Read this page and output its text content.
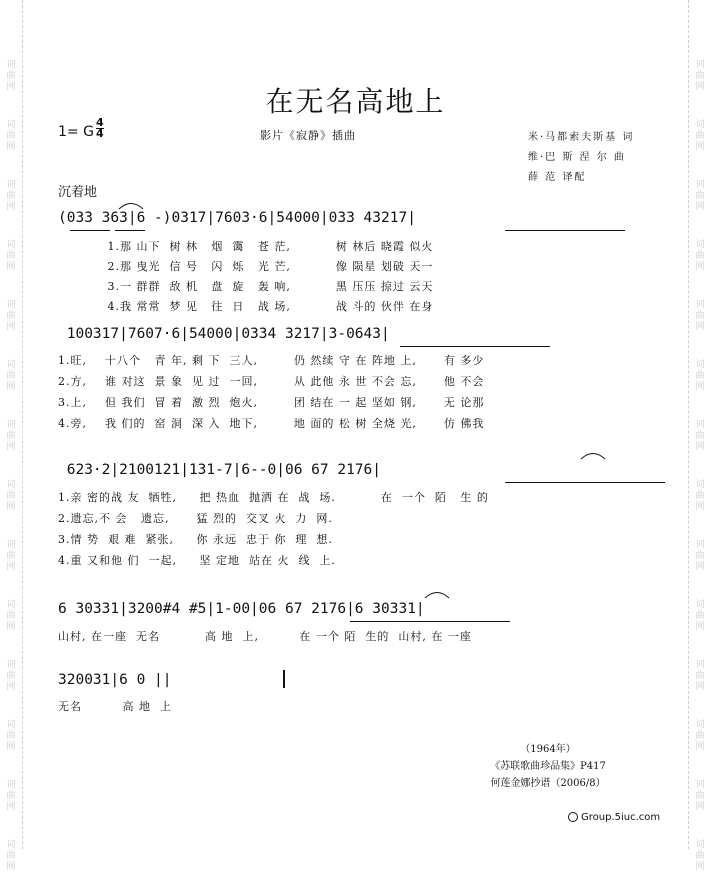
词
曲
网
词
曲
网
词
曲
网
词
曲
网
词
曲
网
词
曲
网
词
曲
网
词
曲
网
词
曲
网
词
曲
网
词
曲
网
词
曲
网
词
曲
网
词
曲
网
词
曲
网
词
曲
网
词
曲
网
词
曲
网
词
曲
网
词
曲
网
词
曲
网
词
曲
网
词
曲
网
词
曲
网
词
曲
网
词
曲
网
词
曲
网
词
曲
网
在无名高地上
1= G $\frac{4}{4}$	影片《寂静》插曲	米·马都索夫斯基 词
维·巴 斯 涅 尔 曲
薛 范 译配
沉着地
(033 363|6 -)0317|7603·6|54000|033 43217|
1.那 山下  树 林   烟  霭   苍 茫,          树 林后 晓霞 似火
2.那 曳光  信 号   闪  烁   光 芒,          像 陨星 划破 天一
3.一 群群  敌 机   盘  旋   轰 响,          黑 压压 掠过 云天
4.我 常常  梦 见   往  日   战 场,          战 斗的 伙伴 在身
100317|7607·6|54000|0334 3217|3-0643|
1.旺,    十八个   青 年, 剩 下  三人,        仍 然续 守 在 阵地 上,      有 多少
2.方,    谁 对这  景 象  见 过  一回,        从 此他 永 世 不会 忘,      他 不会
3.上,    但 我们  冒 着  激 烈  炮火,        团 结在 一 起 坚如 钢,      无 论那
4.旁,    我 们的  窑 洞  深 入  地下,        地 面的 松 树 全烧 光,      仿 佛我
623·2|2100121|131-7|6--0|06 67 2176|
1.亲 密的战 友  牺牲,     把 热血  抛洒 在  战  场.          在  一个  陌   生 的
2.遗忘,不 会   遗忘,      猛 烈的  交叉 火  力  网.
3.情 势  艰 难  紧张,     你 永远  忠于 你  理  想.
4.重 又和他 们  一起,     坚 定地  站在 火  线  上.
6 30331|3200#4 #5|1-00|06 67 2176|6 30331|
山村, 在一座  无名          高 地  上,         在 一个 陌  生的  山村, 在 一座
320031|6 0 ||
无名         高 地  上
（1964年）
《苏联歌曲珍品集》P417
何莲金娜抄谱（2006/8）
Group.5iuc.com
